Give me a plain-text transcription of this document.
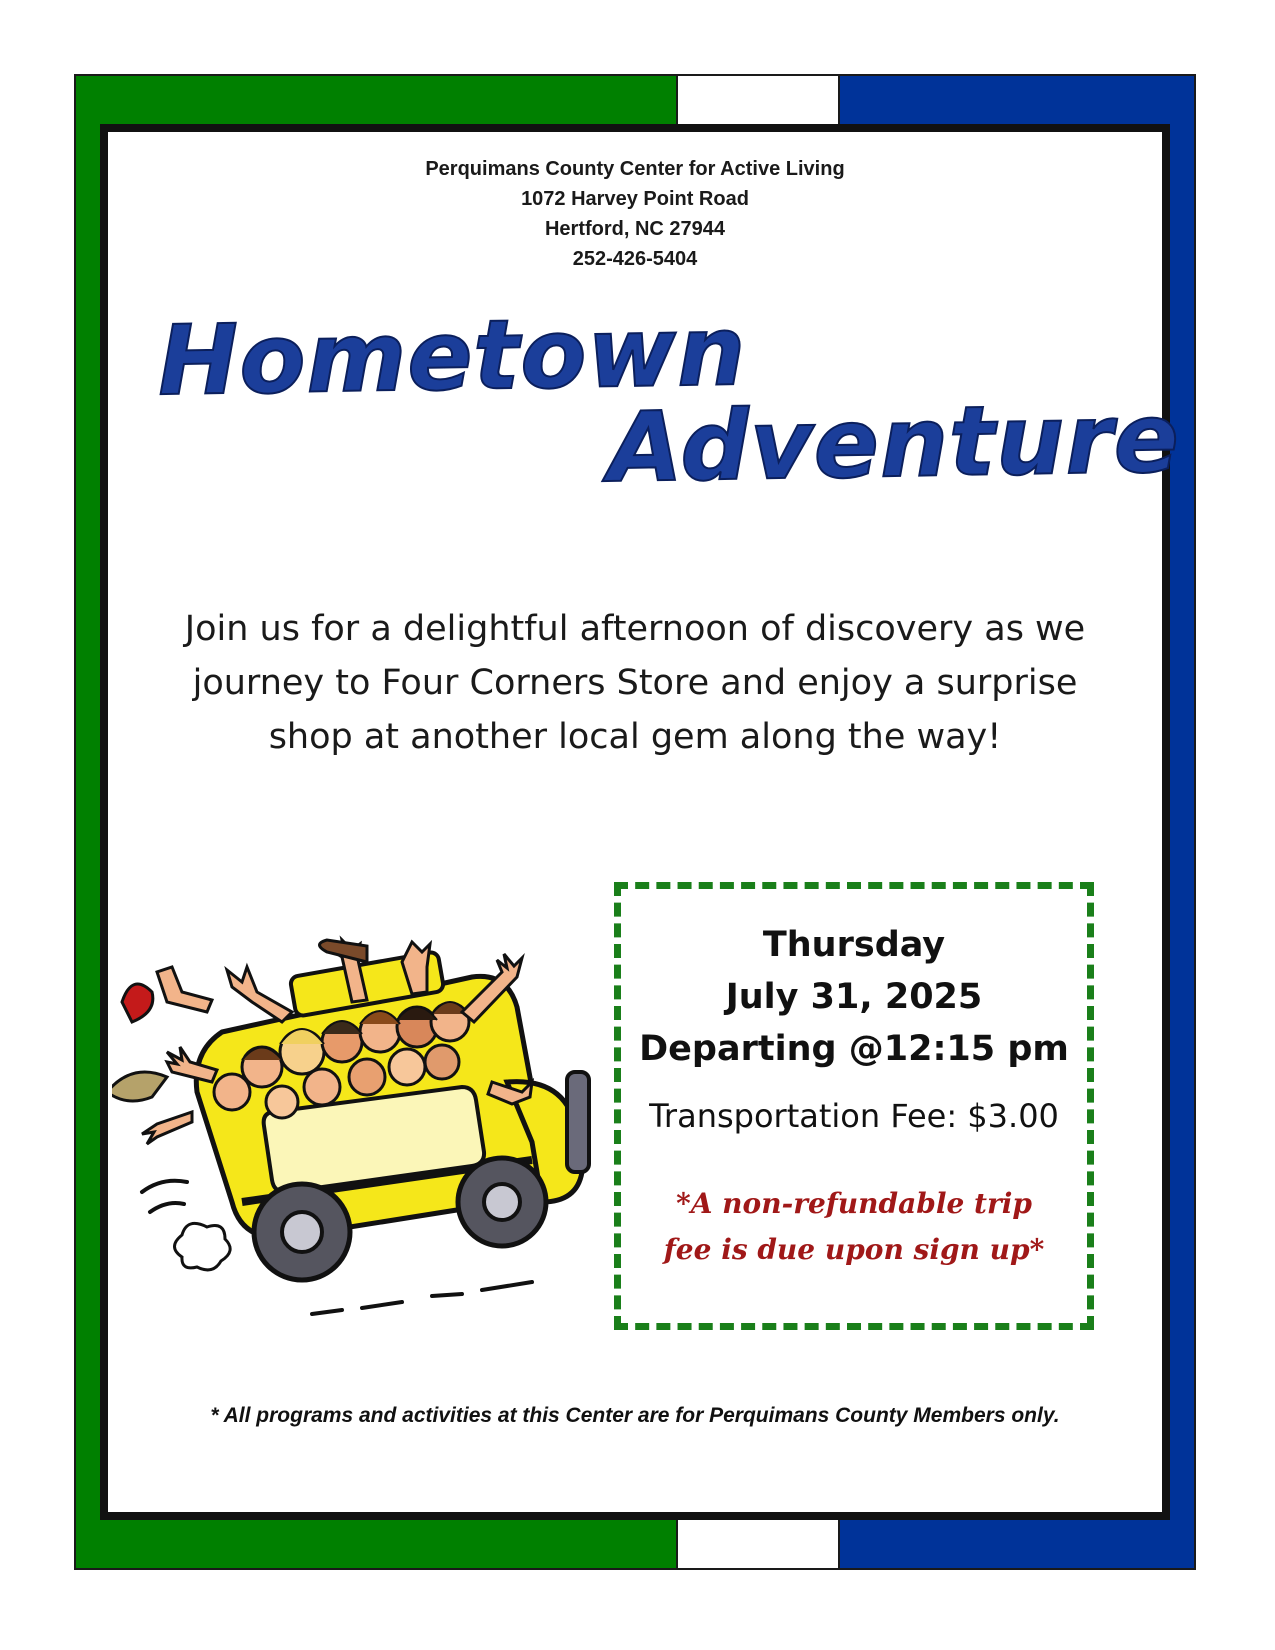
Perquimans County Center for Active Living
1072 Harvey Point Road
Hertford, NC 27944
252-426-5404
Hometown
Adventure
Join us for a delightful afternoon of discovery as we journey to Four Corners Store and enjoy a surprise shop at another local gem along the way!
Thursday
July 31, 2025
Departing @12:15 pm
Transportation Fee: $3.00
*A non-refundable trip
fee is due upon sign up*
* All programs and activities at this Center are for Perquimans County Members only.
